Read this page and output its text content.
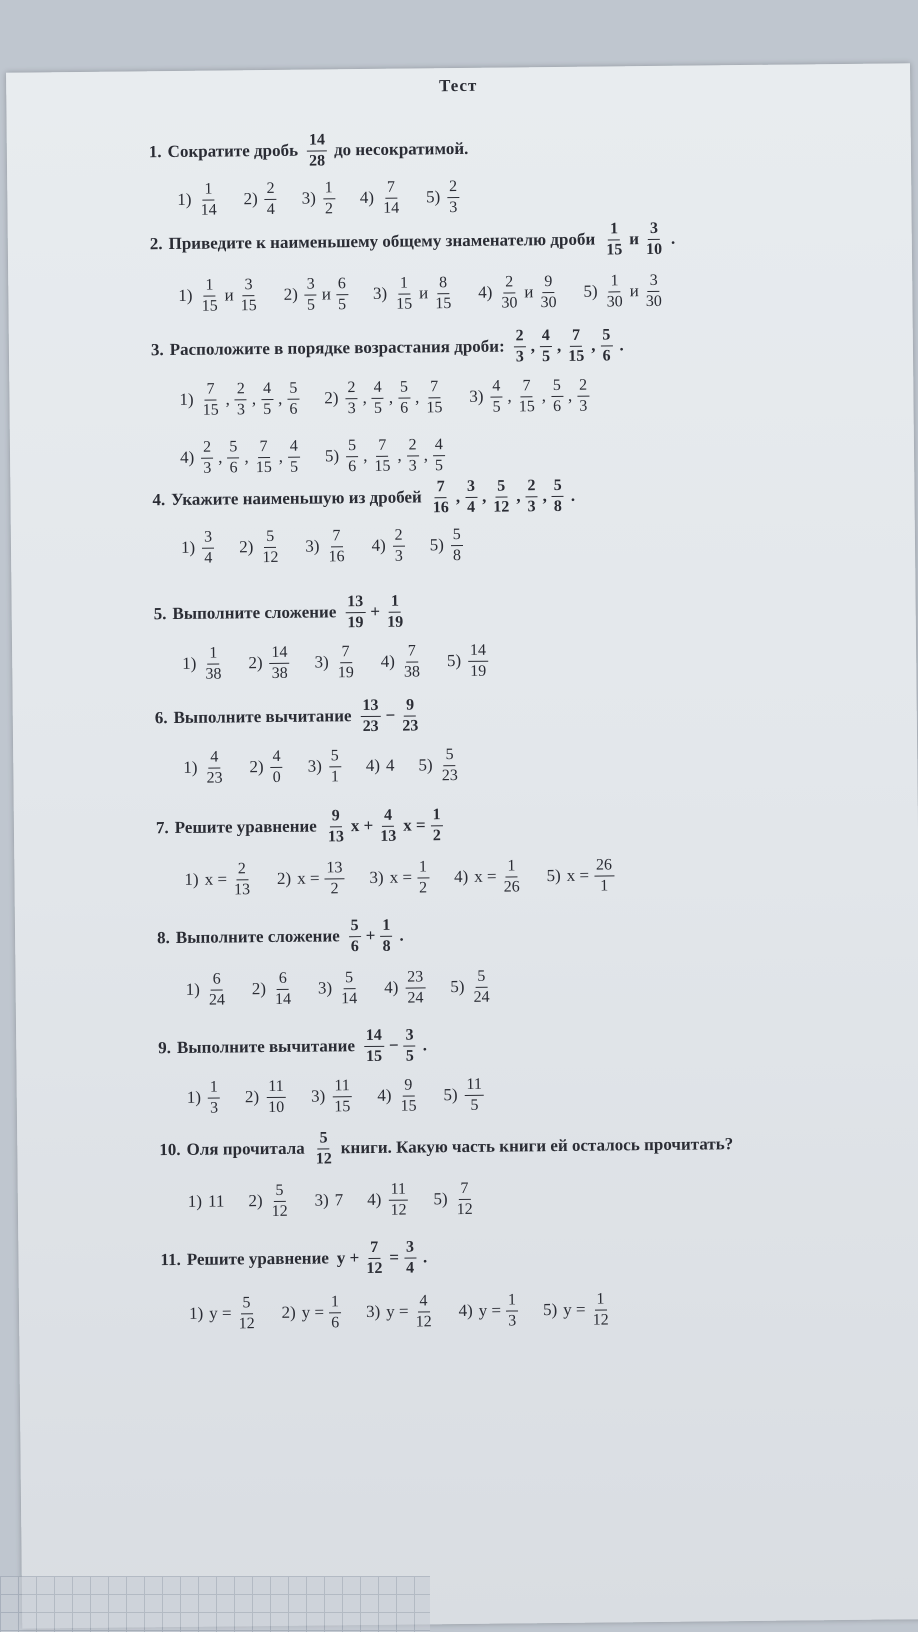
Тест
1. Сократите дробь $\frac{14}{28}$ до несократимой.
$1) \frac{1}{14} 2) \frac{2}{4} 3) \frac{1}{2} 4) \frac{7}{14} 5) \frac{2}{3}$
2. Приведите к наименьшему общему знаменателю дроби $\frac{1}{15}$ и $\frac{3}{10}$ .
$1) \frac{1}{15}$ и $\frac{3}{15} 2) \frac{3}{5}$ и $\frac{6}{5} 3) \frac{1}{15}$ и $\frac{8}{15} 4) \frac{2}{30}$ и $\frac{9}{30} 5) \frac{1}{30}$ и $\frac{3}{30}$
3. Расположите в порядке возрастания дроби: $\frac{2}{3}$ , $\frac{4}{5}$ , $\frac{7}{15}$ , $\frac{5}{6}$ .
$1) \frac{7}{15}$ , $\frac{2}{3}$ , $\frac{4}{5}$ , $\frac{5}{6} 2) \frac{2}{3}$ , $\frac{4}{5}$ , $\frac{5}{6}$ , $\frac{7}{15} 3) \frac{4}{5}$ , $\frac{7}{15}$ , $\frac{5}{6}$ , $\frac{2}{3}$
$4) \frac{2}{3}$ , $\frac{5}{6}$ , $\frac{7}{15}$ , $\frac{4}{5} 5) \frac{5}{6}$ , $\frac{7}{15}$ , $\frac{2}{3}$ , $\frac{4}{5}$
4. Укажите наименьшую из дробей $\frac{7}{16}$ , $\frac{3}{4}$ , $\frac{5}{12}$ , $\frac{2}{3}$ , $\frac{5}{8}$ .
$1) \frac{3}{4} 2) \frac{5}{12} 3) \frac{7}{16} 4) \frac{2}{3} 5) \frac{5}{8}$
5. Выполните сложение $\frac{13}{19} + \frac{1}{19}$
$1) \frac{1}{38} 2) \frac{14}{38} 3) \frac{7}{19} 4) \frac{7}{38} 5) \frac{14}{19}$
6. Выполните вычитание $\frac{13}{23} - \frac{9}{23}$
$1) \frac{4}{23} 2) \frac{4}{0} 3) \frac{5}{1} 4$) 4 $5) \frac{5}{23}$
7. Решите уравнение $\frac{9}{13}$ $x + \frac{4}{13}$ $x = \frac{1}{2}$
1) $x = \frac{2}{13} 2$) $x = \frac{13}{2} 3$) $x = \frac{1}{2} 4$) $x = \frac{1}{26} 5$) $x = \frac{26}{1}$
8. Выполните сложение $\frac{5}{6} + \frac{1}{8}$ .
$1) \frac{6}{24} 2) \frac{6}{14} 3) \frac{5}{14} 4) \frac{23}{24} 5) \frac{5}{24}$
9. Выполните вычитание $\frac{14}{15} - \frac{3}{5}$ .
$1) \frac{1}{3} 2) \frac{11}{10} 3) \frac{11}{15} 4) \frac{9}{15} 5) \frac{11}{5}$
10. Оля прочитала $\frac{5}{12}$ книги. Какую часть книги ей осталось прочитать?
1) 11 $2) \frac{5}{12} 3$) 7 $4) \frac{11}{12} 5) \frac{7}{12}$
11. Решите уравнение $y + \frac{7}{12} = \frac{3}{4}$ .
1) $y = \frac{5}{12} 2$) $y = \frac{1}{6} 3$) $y = \frac{4}{12} 4$) $y = \frac{1}{3} 5$) $y = \frac{1}{12}$
